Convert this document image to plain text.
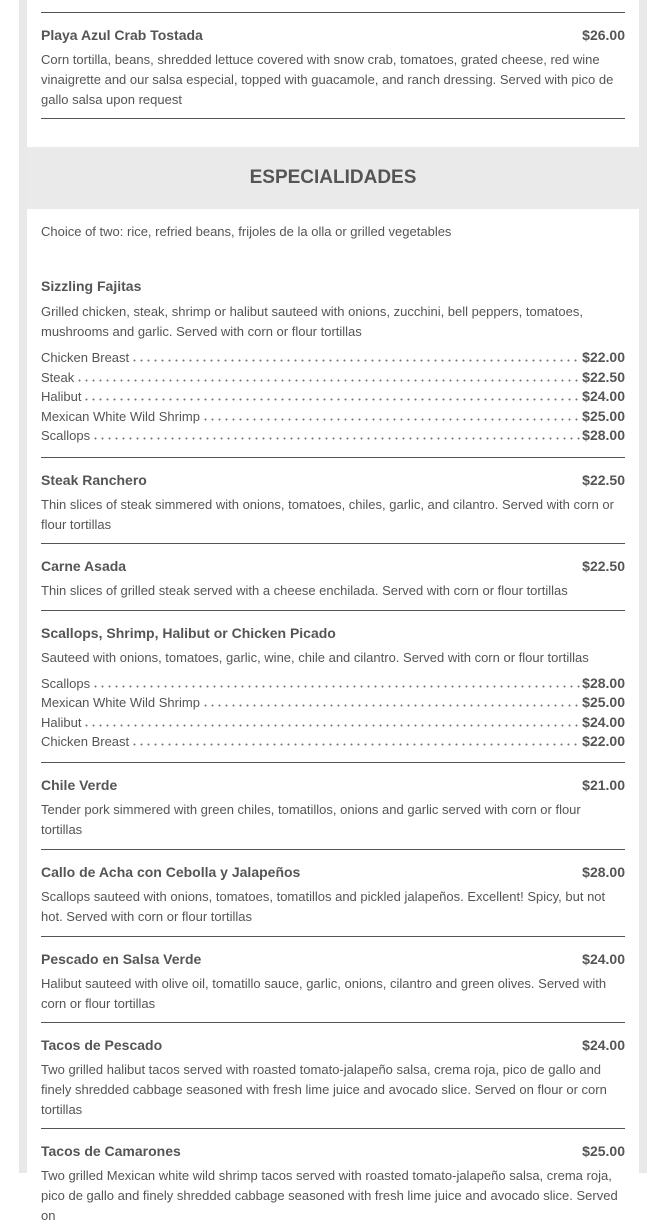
Playa Azul Crab Tostada	$26.00
Corn tortilla, beans, shredded lettuce covered with snow crab, tomatoes, grated cheese, red wine vinaigrette and our salsa especial, topped with guacamole, and ranch dressing. Served with pico de gallo salsa upon request
ESPECIALIDADES
Choice of two: rice, refried beans, frijoles de la olla or grilled vegetables
Sizzling Fajitas
Grilled chicken, steak, shrimp or halibut sauteed with onions, zucchini, bell peppers, tomatoes, mushrooms and garlic. Served with corn or flour tortillas
Chicken Breast	$22.00
Steak	$22.50
Halibut	$24.00
Mexican White Wild Shrimp	$25.00
Scallops	$28.00
Steak Ranchero	$22.50
Thin slices of steak simmered with onions, tomatoes, chiles, garlic, and cilantro. Served with corn or flour tortillas
Carne Asada	$22.50
Thin slices of grilled steak served with a cheese enchilada. Served with corn or flour tortillas
Scallops, Shrimp, Halibut or Chicken Picado
Sauteed with onions, tomatoes, garlic, wine, chile and cilantro. Served with corn or flour tortillas
Scallops	$28.00
Mexican White Wild Shrimp	$25.00
Halibut	$24.00
Chicken Breast	$22.00
Chile Verde	$21.00
Tender pork simmered with green chiles, tomatillos, onions and garlic served with corn or flour tortillas
Callo de Acha con Cebolla y Jalapeños	$28.00
Scallops sauteed with onions, tomatoes, tomatillos and pickled jalapeños. Excellent! Spicy, but not hot. Served with corn or flour tortillas
Pescado en Salsa Verde	$24.00
Halibut sauteed with olive oil, tomatillo sauce, garlic, onions, cilantro and green olives. Served with corn or flour tortillas
Tacos de Pescado	$24.00
Two grilled halibut tacos served with roasted tomato-jalapeño salsa, crema roja, pico de gallo and finely shredded cabbage seasoned with fresh lime juice and avocado slice. Served on flour or corn tortillas
Tacos de Camarones	$25.00
Two grilled Mexican white wild shrimp tacos served with roasted tomato-jalapeño salsa, crema roja, pico de gallo and finely shredded cabbage seasoned with fresh lime juice and avocado slice. Served on
